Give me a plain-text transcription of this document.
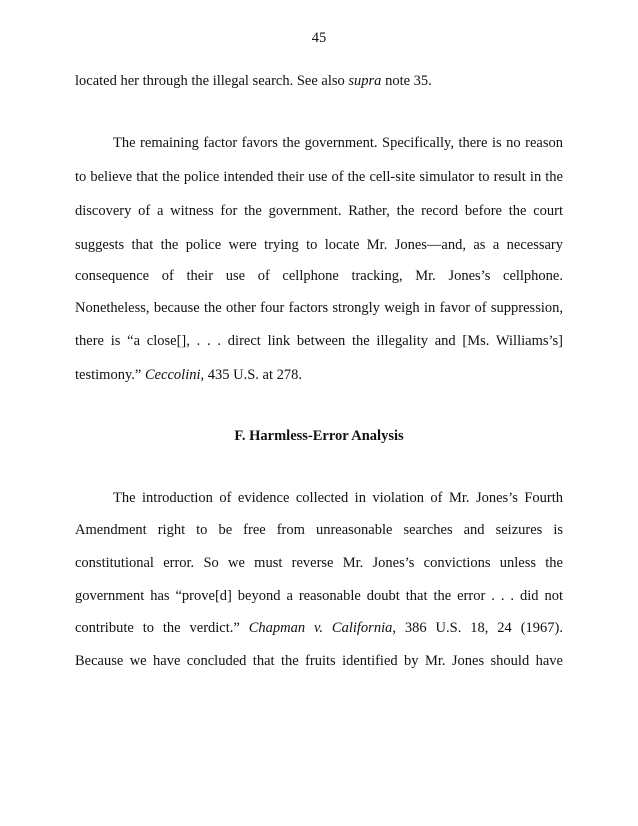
45
located her through the illegal search. See also supra note 35.
The remaining factor favors the government. Specifically, there is no reason
to believe that the police intended their use of the cell-site simulator to result in the
discovery of a witness for the government. Rather, the record before the court
suggests that the police were trying to locate Mr. Jones—and, as a necessary
consequence of their use of cellphone tracking, Mr. Jones’s cellphone.
Nonetheless, because the other four factors strongly weigh in favor of suppression,
there is “a close[], . . . direct link between the illegality and [Ms. Williams’s]
testimony.” Ceccolini, 435 U.S. at 278.
F. Harmless-Error Analysis
The introduction of evidence collected in violation of Mr. Jones’s Fourth
Amendment right to be free from unreasonable searches and seizures is
constitutional error. So we must reverse Mr. Jones’s convictions unless the
government has “prove[d] beyond a reasonable doubt that the error . . . did not
contribute to the verdict.” Chapman v. California, 386 U.S. 18, 24 (1967).
Because we have concluded that the fruits identified by Mr. Jones should have
